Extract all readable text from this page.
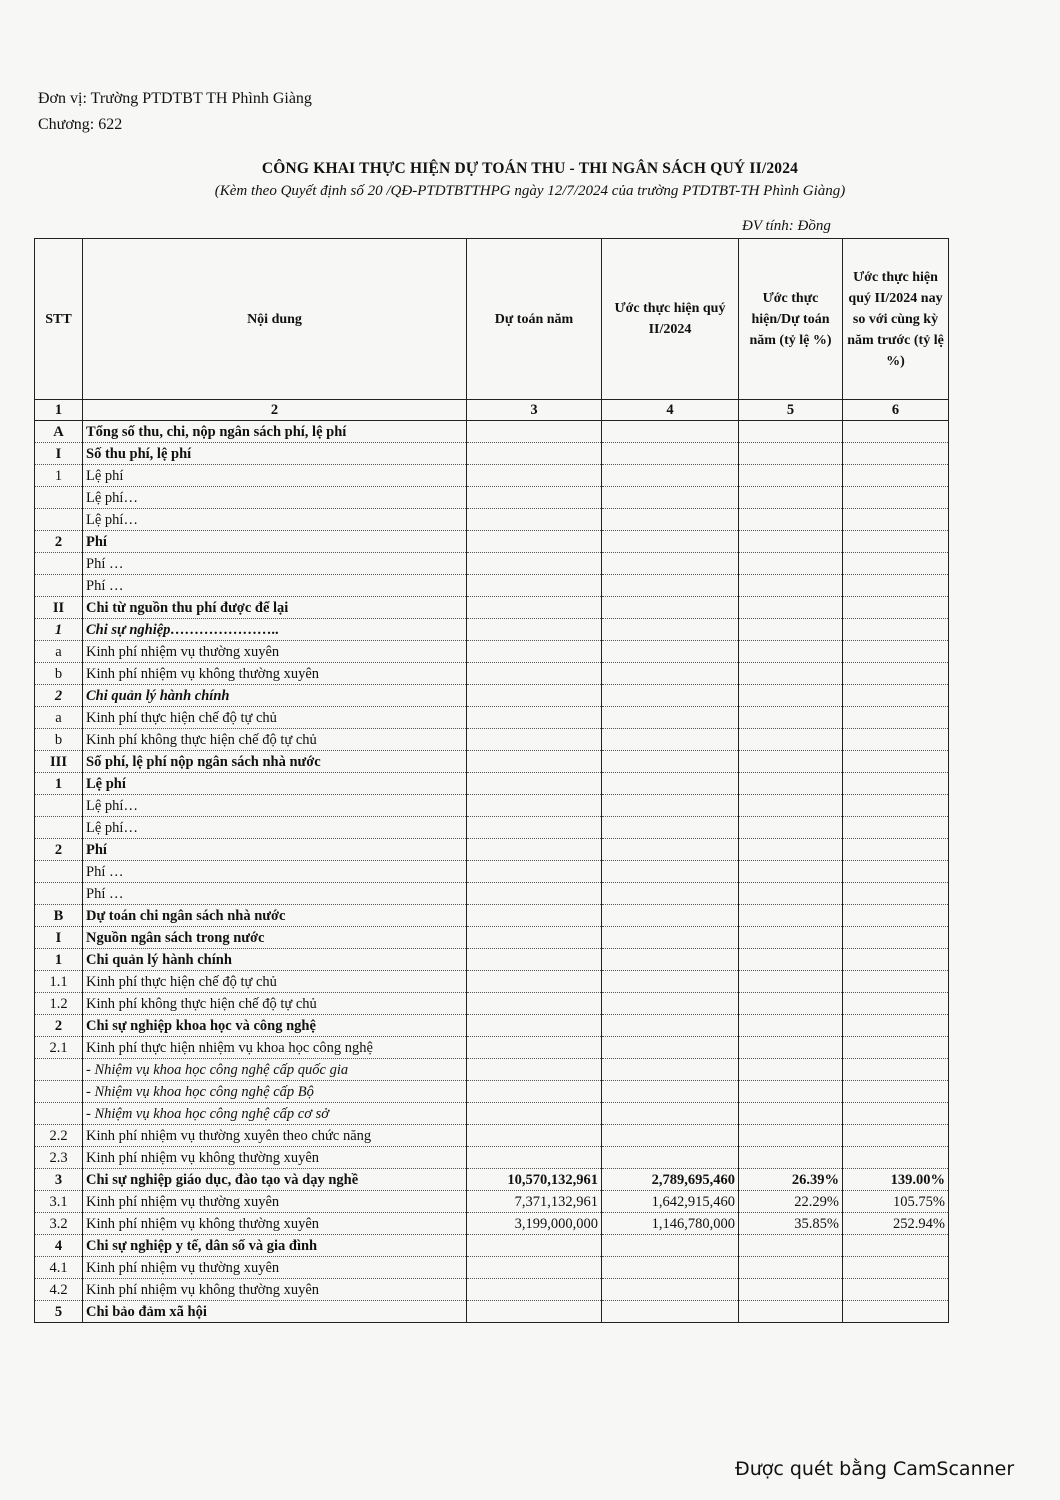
Đơn vị: Trường PTDTBT TH Phình Giàng
Chương: 622
CÔNG KHAI THỰC HIỆN DỰ TOÁN THU - THI NGÂN SÁCH QUÝ II/2024
(Kèm theo Quyết định số 20 /QĐ-PTDTBTTHPG ngày 12/7/2024 của trường PTDTBT-TH Phình Giàng)
ĐV tính: Đồng
STT	Nội dung	Dự toán năm	Ước thực hiện quý II/2024	Ước thực hiện/Dự toán năm (tỷ lệ %)	Ước thực hiện quý II/2024 nay so với cùng kỳ năm trước (tỷ lệ %)
1	2	3	4	5	6
A	Tổng số thu, chi, nộp ngân sách phí, lệ phí				
I	Số thu phí, lệ phí				
1	Lệ phí				
	Lệ phí…				
	Lệ phí…				
2	Phí				
	Phí …				
	Phí …				
II	Chi từ nguồn thu phí được để lại				
1	Chi sự nghiệp…………………..				
a	Kinh phí nhiệm vụ thường xuyên				
b	Kinh phí nhiệm vụ không thường xuyên				
2	Chi quản lý hành chính				
a	Kinh phí thực hiện chế độ tự chủ				
b	Kinh phí không thực hiện chế độ tự chủ				
III	Số phí, lệ phí nộp ngân sách nhà nước				
1	Lệ phí				
	Lệ phí…				
	Lệ phí…				
2	Phí				
	Phí …				
	Phí …				
B	Dự toán chi ngân sách nhà nước				
I	Nguồn ngân sách trong nước				
1	Chi quản lý hành chính				
1.1	Kinh phí thực hiện chế độ tự chủ				
1.2	Kinh phí không thực hiện chế độ tự chủ				
2	Chi sự nghiệp khoa học và công nghệ				
2.1	Kinh phí thực hiện nhiệm vụ khoa học công nghệ				
	- Nhiệm vụ khoa học công nghệ cấp quốc gia				
	- Nhiệm vụ khoa học công nghệ cấp Bộ				
	- Nhiệm vụ khoa học công nghệ cấp cơ sở				
2.2	Kinh phí nhiệm vụ thường xuyên theo chức năng				
2.3	Kinh phí nhiệm vụ không thường xuyên				
3	Chi sự nghiệp giáo dục, đào tạo và dạy nghề	10,570,132,961	2,789,695,460	26.39%	139.00%
3.1	Kinh phí nhiệm vụ thường xuyên	7,371,132,961	1,642,915,460	22.29%	105.75%
3.2	Kinh phí nhiệm vụ không thường xuyên	3,199,000,000	1,146,780,000	35.85%	252.94%
4	Chi sự nghiệp y tế, dân số và gia đình				
4.1	Kinh phí nhiệm vụ thường xuyên				
4.2	Kinh phí nhiệm vụ không thường xuyên				
5	Chi bảo đảm xã hội				
Được quét bằng CamScanner
